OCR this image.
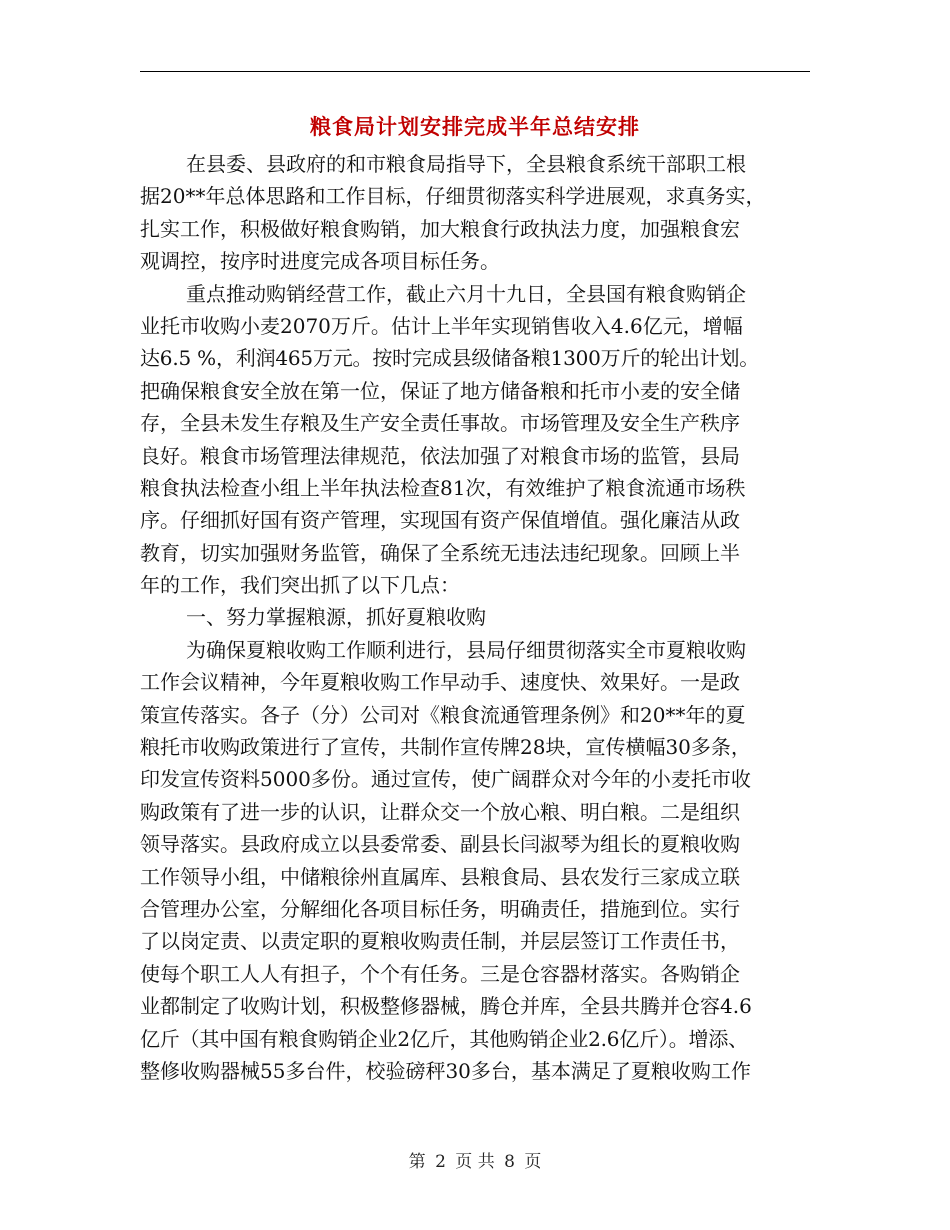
粮食局计划安排完成半年总结安排
在县委、县政府的和市粮食局指导下，全县粮食系统干部职工根
据20**年总体思路和工作目标，仔细贯彻落实科学进展观，求真务实，
扎实工作，积极做好粮食购销，加大粮食行政执法力度，加强粮食宏
观调控，按序时进度完成各项目标任务。
重点推动购销经营工作，截止六月十九日，全县国有粮食购销企
业托市收购小麦2070万斤。估计上半年实现销售收入4.6亿元，增幅
达6.5 %，利润465万元。按时完成县级储备粮1300万斤的轮出计划。
把确保粮食安全放在第一位，保证了地方储备粮和托市小麦的安全储
存，全县未发生存粮及生产安全责任事故。市场管理及安全生产秩序
良好。粮食市场管理法律规范，依法加强了对粮食市场的监管，县局
粮食执法检查小组上半年执法检查81次，有效维护了粮食流通市场秩
序。仔细抓好国有资产管理，实现国有资产保值增值。强化廉洁从政
教育，切实加强财务监管，确保了全系统无违法违纪现象。回顾上半
年的工作，我们突出抓了以下几点：
一、努力掌握粮源，抓好夏粮收购
为确保夏粮收购工作顺利进行，县局仔细贯彻落实全市夏粮收购
工作会议精神，今年夏粮收购工作早动手、速度快、效果好。一是政
策宣传落实。各子（分）公司对《粮食流通管理条例》和20**年的夏
粮托市收购政策进行了宣传，共制作宣传牌28块，宣传横幅30多条，
印发宣传资料5000多份。通过宣传，使广阔群众对今年的小麦托市收
购政策有了进一步的认识，让群众交一个放心粮、明白粮。二是组织
领导落实。县政府成立以县委常委、副县长闫淑琴为组长的夏粮收购
工作领导小组，中储粮徐州直属库、县粮食局、县农发行三家成立联
合管理办公室，分解细化各项目标任务，明确责任，措施到位。实行
了以岗定责、以责定职的夏粮收购责任制，并层层签订工作责任书，
使每个职工人人有担子，个个有任务。三是仓容器材落实。各购销企
业都制定了收购计划，积极整修器械，腾仓并库，全县共腾并仓容4.6
亿斤（其中国有粮食购销企业2亿斤，其他购销企业2.6亿斤）。增添、
整修收购器械55多台件，校验磅秤30多台，基本满足了夏粮收购工作
第 2 页 共 8 页
